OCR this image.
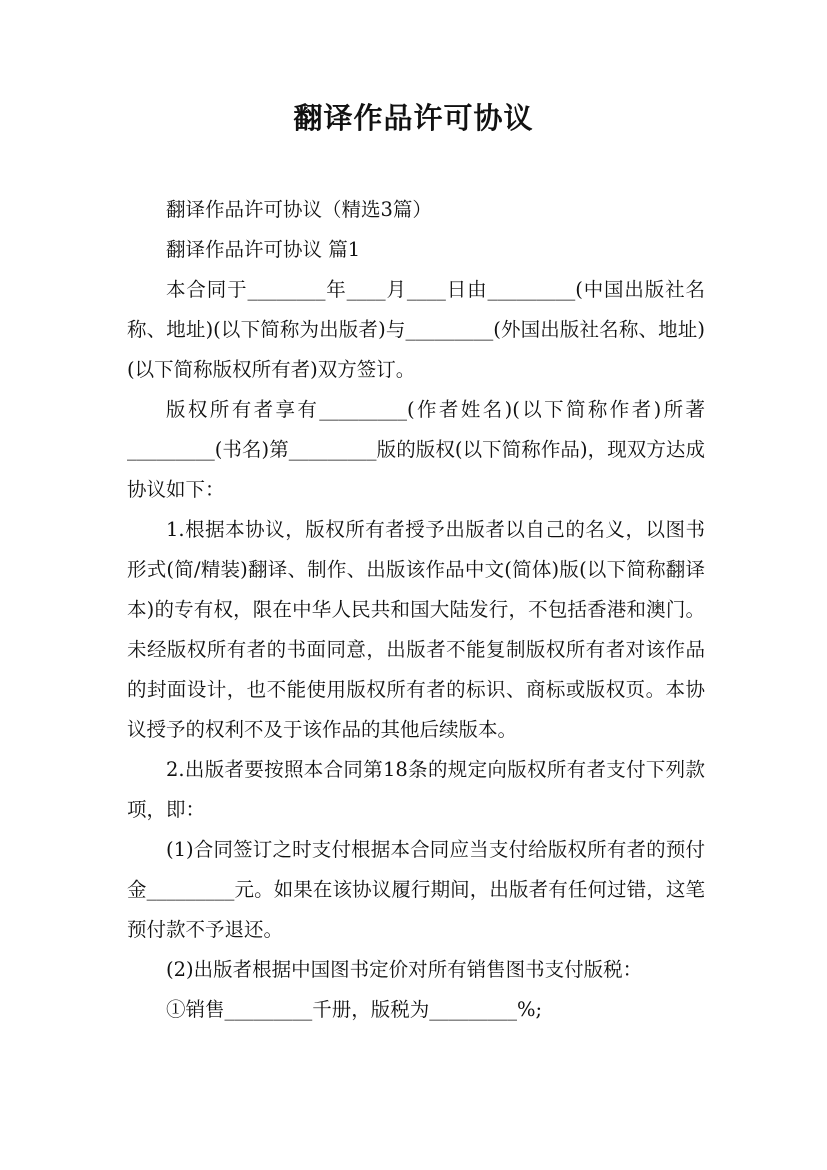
翻译作品许可协议

翻译作品许可协议（精选3篇）

翻译作品许可协议 篇1

本合同于________年____月____日由_________(中国出版社名称、地址)(以下简称为出版者)与_________(外国出版社名称、地址)(以下简称版权所有者)双方签订。

版权所有者享有_________(作者姓名)(以下简称作者)所著_________(书名)第_________版的版权(以下简称作品)，现双方达成协议如下：

1.根据本协议，版权所有者授予出版者以自己的名义，以图书形式(简/精装)翻译、制作、出版该作品中文(简体)版(以下简称翻译本)的专有权，限在中华人民共和国大陆发行，不包括香港和澳门。未经版权所有者的书面同意，出版者不能复制版权所有者对该作品的封面设计，也不能使用版权所有者的标识、商标或版权页。本协议授予的权利不及于该作品的其他后续版本。

2.出版者要按照本合同第18条的规定向版权所有者支付下列款项，即：

(1)合同签订之时支付根据本合同应当支付给版权所有者的预付金_________元。如果在该协议履行期间，出版者有任何过错，这笔预付款不予退还。

(2)出版者根据中国图书定价对所有销售图书支付版税：

①销售_________千册，版税为_________%;
